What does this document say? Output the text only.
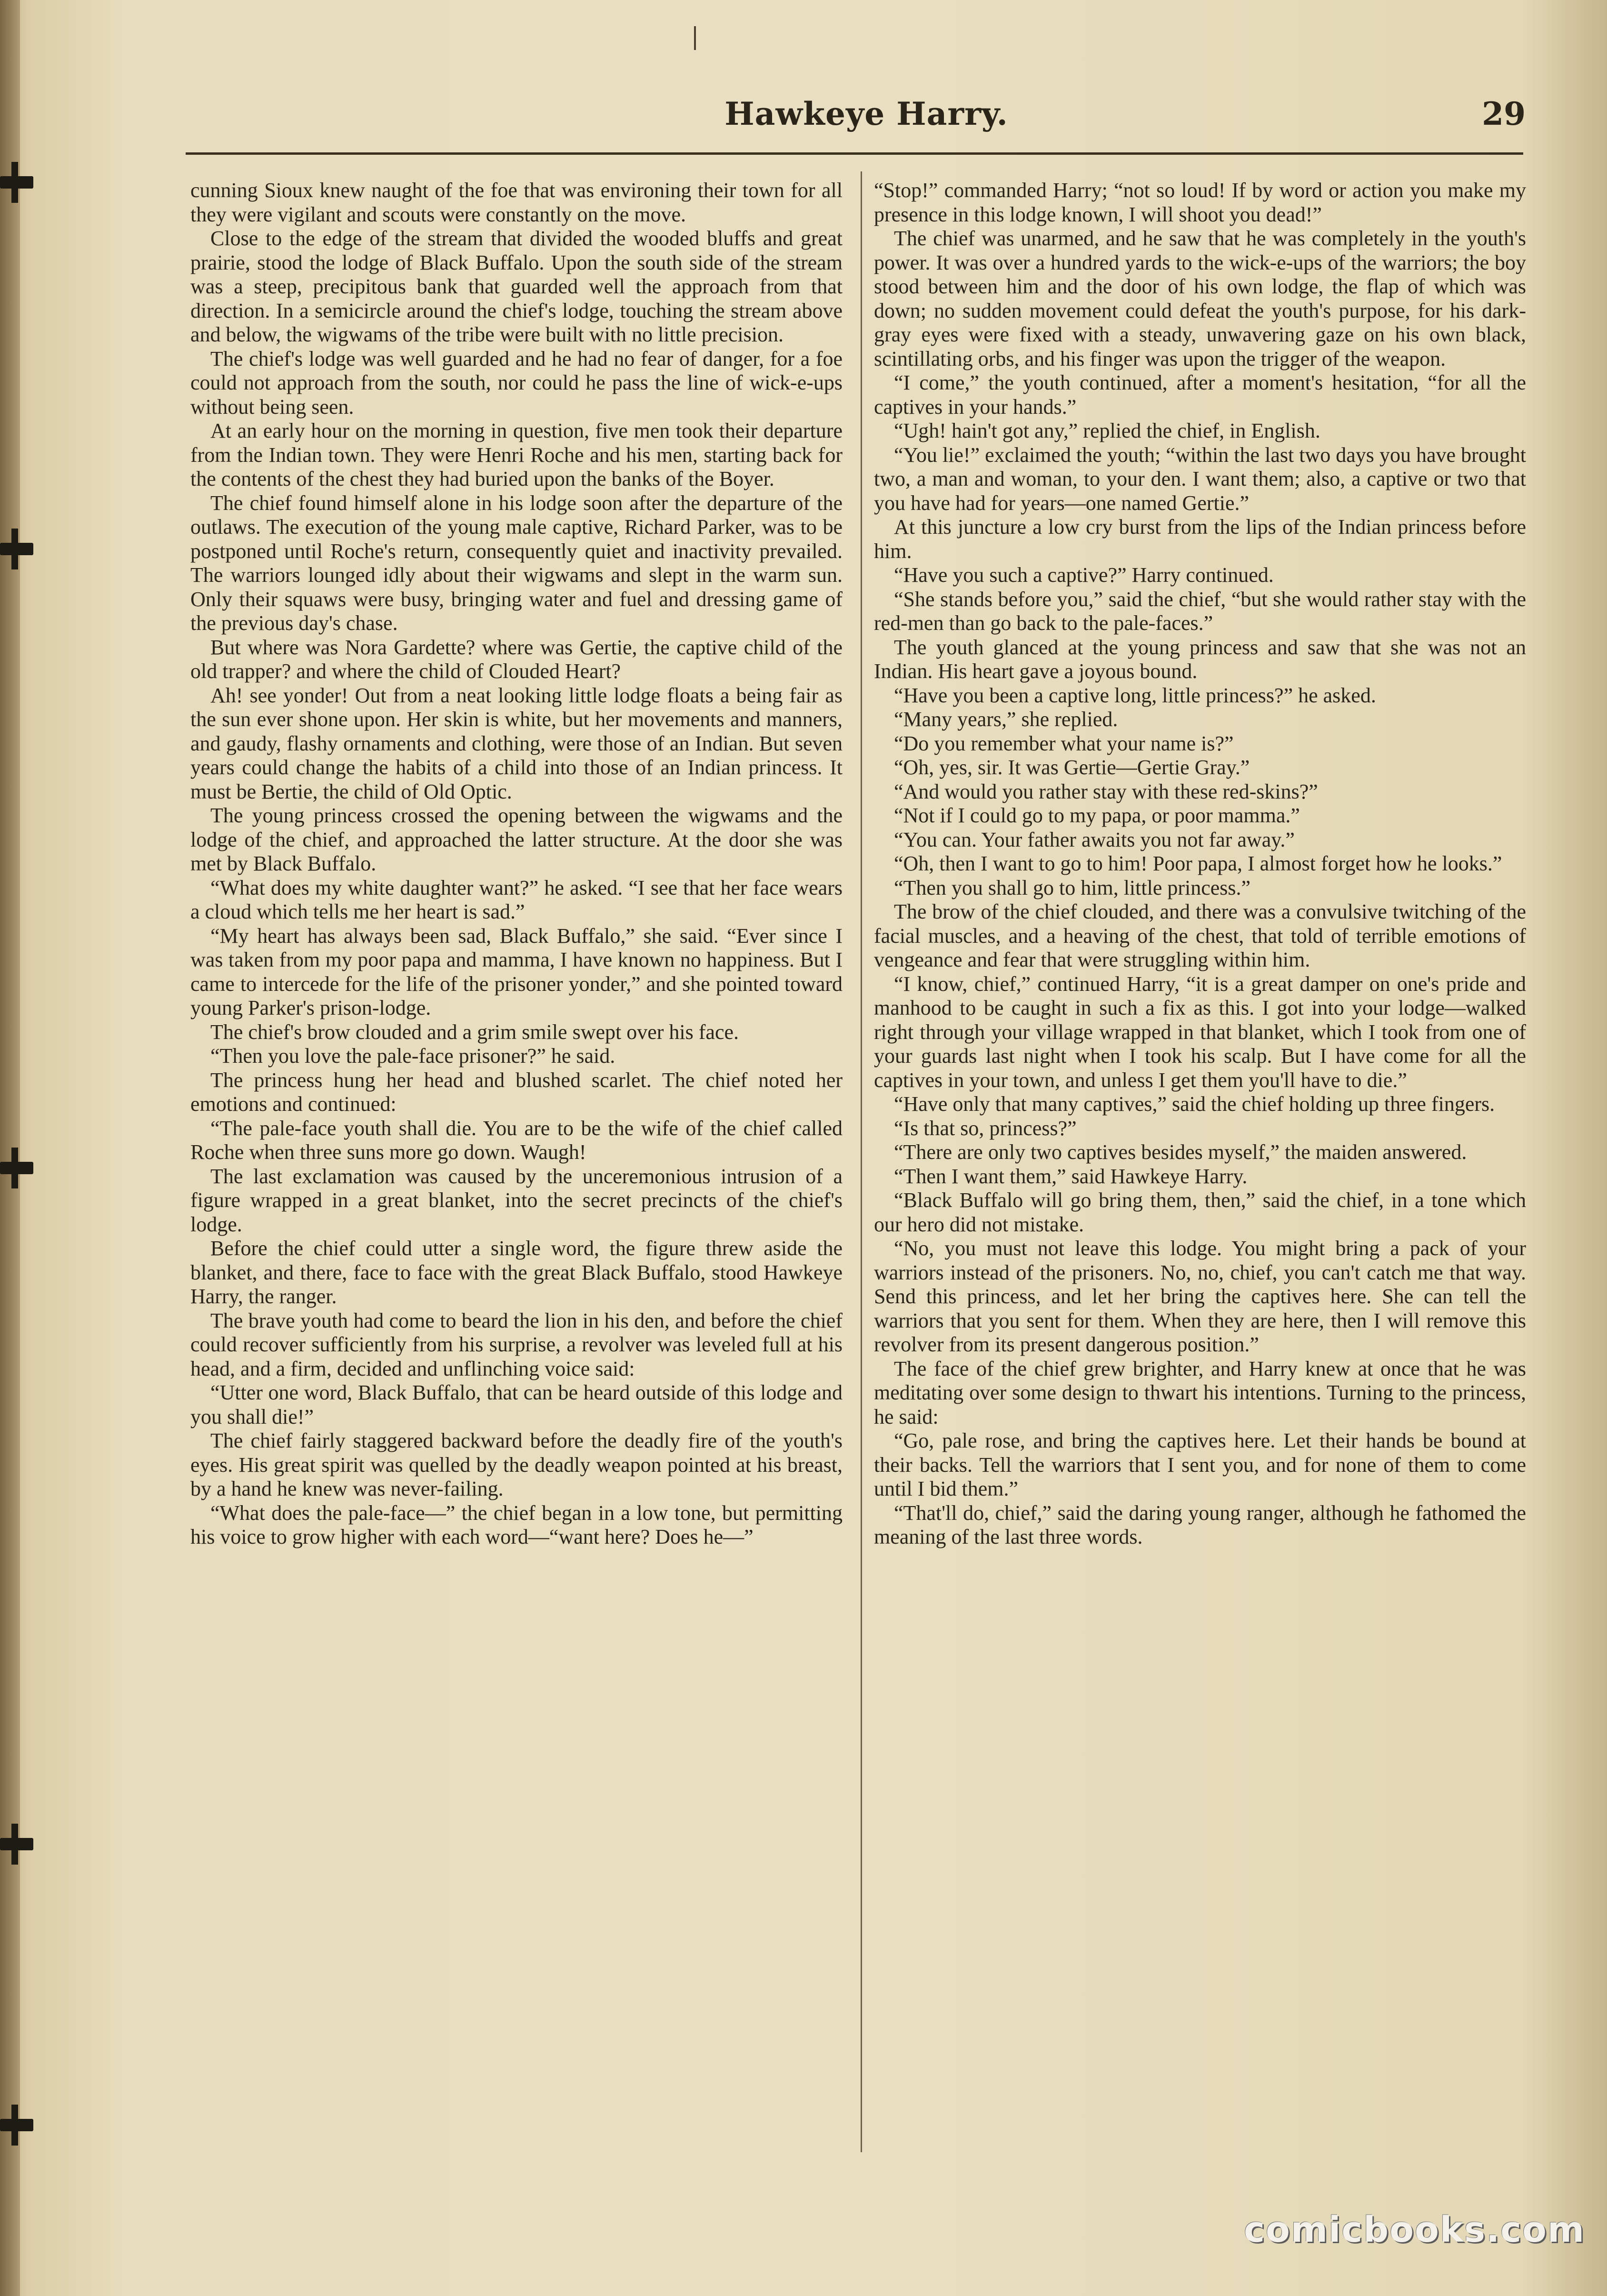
Hawkeye Harry.	29

cunning Sioux knew naught of the foe that was environing their town for all they were vigilant and scouts were constantly on the move.

Close to the edge of the stream that divided the wooded bluffs and great prairie, stood the lodge of Black Buffalo. Upon the south side of the stream was a steep, precipitous bank that guarded well the approach from that direction. In a semicircle around the chief's lodge, touching the stream above and below, the wigwams of the tribe were built with no little precision.

The chief's lodge was well guarded and he had no fear of danger, for a foe could not approach from the south, nor could he pass the line of wick-e-ups without being seen.

At an early hour on the morning in question, five men took their departure from the Indian town. They were Henri Roche and his men, starting back for the contents of the chest they had buried upon the banks of the Boyer.

The chief found himself alone in his lodge soon after the departure of the outlaws. The execution of the young male captive, Richard Parker, was to be postponed until Roche's return, consequently quiet and inactivity prevailed. The warriors lounged idly about their wigwams and slept in the warm sun. Only their squaws were busy, bringing water and fuel and dressing game of the previous day's chase.

But where was Nora Gardette? where was Gertie, the captive child of the old trapper? and where the child of Clouded Heart?

Ah! see yonder! Out from a neat looking little lodge floats a being fair as the sun ever shone upon. Her skin is white, but her movements and manners, and gaudy, flashy ornaments and clothing, were those of an Indian. But seven years could change the habits of a child into those of an Indian princess. It must be Bertie, the child of Old Optic.

The young princess crossed the opening between the wigwams and the lodge of the chief, and approached the latter structure. At the door she was met by Black Buffalo.

“What does my white daughter want?” he asked. “I see that her face wears a cloud which tells me her heart is sad.”

“My heart has always been sad, Black Buffalo,” she said. “Ever since I was taken from my poor papa and mamma, I have known no happiness. But I came to intercede for the life of the prisoner yonder,” and she pointed toward young Parker's prison-lodge.

The chief's brow clouded and a grim smile swept over his face.

“Then you love the pale-face prisoner?” he said.

The princess hung her head and blushed scarlet. The chief noted her emotions and continued:

“The pale-face youth shall die. You are to be the wife of the chief called Roche when three suns more go down. Waugh!

The last exclamation was caused by the unceremonious intrusion of a figure wrapped in a great blanket, into the secret precincts of the chief's lodge.

Before the chief could utter a single word, the figure threw aside the blanket, and there, face to face with the great Black Buffalo, stood Hawkeye Harry, the ranger.

The brave youth had come to beard the lion in his den, and before the chief could recover sufficiently from his surprise, a revolver was leveled full at his head, and a firm, decided and unflinching voice said:

“Utter one word, Black Buffalo, that can be heard outside of this lodge and you shall die!”

The chief fairly staggered backward before the deadly fire of the youth's eyes. His great spirit was quelled by the deadly weapon pointed at his breast, by a hand he knew was never-failing.

“What does the pale-face—” the chief began in a low tone, but permitting his voice to grow higher with each word—“want here? Does he—”

“Stop!” commanded Harry; “not so loud! If by word or action you make my presence in this lodge known, I will shoot you dead!”

The chief was unarmed, and he saw that he was completely in the youth's power. It was over a hundred yards to the wick-e-ups of the warriors; the boy stood between him and the door of his own lodge, the flap of which was down; no sudden movement could defeat the youth's purpose, for his dark-gray eyes were fixed with a steady, unwavering gaze on his own black, scintillating orbs, and his finger was upon the trigger of the weapon.

“I come,” the youth continued, after a moment's hesitation, “for all the captives in your hands.”

“Ugh! hain't got any,” replied the chief, in English.

“You lie!” exclaimed the youth; “within the last two days you have brought two, a man and woman, to your den. I want them; also, a captive or two that you have had for years—one named Gertie.”

At this juncture a low cry burst from the lips of the Indian princess before him.

“Have you such a captive?” Harry continued.

“She stands before you,” said the chief, “but she would rather stay with the red-men than go back to the pale-faces.”

The youth glanced at the young princess and saw that she was not an Indian. His heart gave a joyous bound.

“Have you been a captive long, little princess?” he asked.

“Many years,” she replied.

“Do you remember what your name is?”

“Oh, yes, sir. It was Gertie—Gertie Gray.”

“And would you rather stay with these red-skins?”

“Not if I could go to my papa, or poor mamma.”

“You can. Your father awaits you not far away.”

“Oh, then I want to go to him! Poor papa, I almost forget how he looks.”

“Then you shall go to him, little princess.”

The brow of the chief clouded, and there was a convulsive twitching of the facial muscles, and a heaving of the chest, that told of terrible emotions of vengeance and fear that were struggling within him.

“I know, chief,” continued Harry, “it is a great damper on one's pride and manhood to be caught in such a fix as this. I got into your lodge—walked right through your village wrapped in that blanket, which I took from one of your guards last night when I took his scalp. But I have come for all the captives in your town, and unless I get them you'll have to die.”

“Have only that many captives,” said the chief holding up three fingers.

“Is that so, princess?”

“There are only two captives besides myself,” the maiden answered.

“Then I want them,” said Hawkeye Harry.

“Black Buffalo will go bring them, then,” said the chief, in a tone which our hero did not mistake.

“No, you must not leave this lodge. You might bring a pack of your warriors instead of the prisoners. No, no, chief, you can't catch me that way. Send this princess, and let her bring the captives here. She can tell the warriors that you sent for them. When they are here, then I will remove this revolver from its present dangerous position.”

The face of the chief grew brighter, and Harry knew at once that he was meditating over some design to thwart his intentions. Turning to the princess, he said:

“Go, pale rose, and bring the captives here. Let their hands be bound at their backs. Tell the warriors that I sent you, and for none of them to come until I bid them.”

“That'll do, chief,” said the daring young ranger, although he fathomed the meaning of the last three words.

comicbooks.com
